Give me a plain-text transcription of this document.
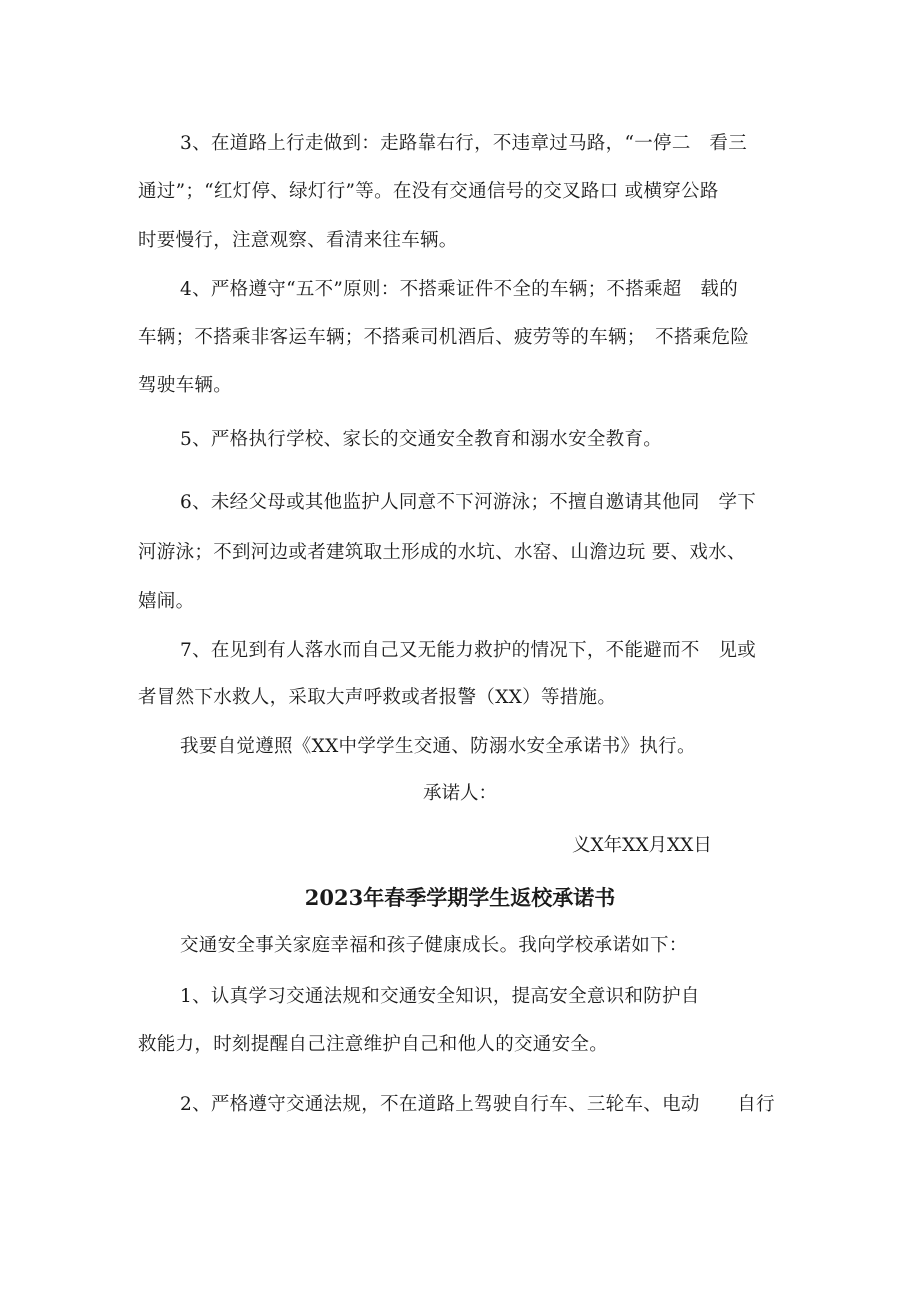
3、在道路上行走做到：走路靠右行，不违章过马路，“一停二　看三
通过”；“红灯停、绿灯行”等。在没有交通信号的交叉路口 或横穿公路
时要慢行，注意观察、看清来往车辆。
4、严格遵守“五不”原则：不搭乘证件不全的车辆；不搭乘超　载的
车辆；不搭乘非客运车辆；不搭乘司机酒后、疲劳等的车辆；　不搭乘危险
驾驶车辆。
5、严格执行学校、家长的交通安全教育和溺水安全教育。
6、未经父母或其他监护人同意不下河游泳；不擅自邀请其他同　学下
河游泳；不到河边或者建筑取土形成的水坑、水窑、山澹边玩 要、戏水、
嬉闹。
7、在见到有人落水而自己又无能力救护的情况下，不能避而不　见或
者冒然下水救人，采取大声呼救或者报警（XX）等措施。
我要自觉遵照《XX中学学生交通、防溺水安全承诺书》执行。
承诺人：
义X年XX月XX日
2023年春季学期学生返校承诺书
交通安全事关家庭幸福和孩子健康成长。我向学校承诺如下：
1、认真学习交通法规和交通安全知识，提高安全意识和防护自
救能力，时刻提醒自己注意维护自己和他人的交通安全。
2、严格遵守交通法规，不在道路上驾驶自行车、三轮车、电动　　自行
